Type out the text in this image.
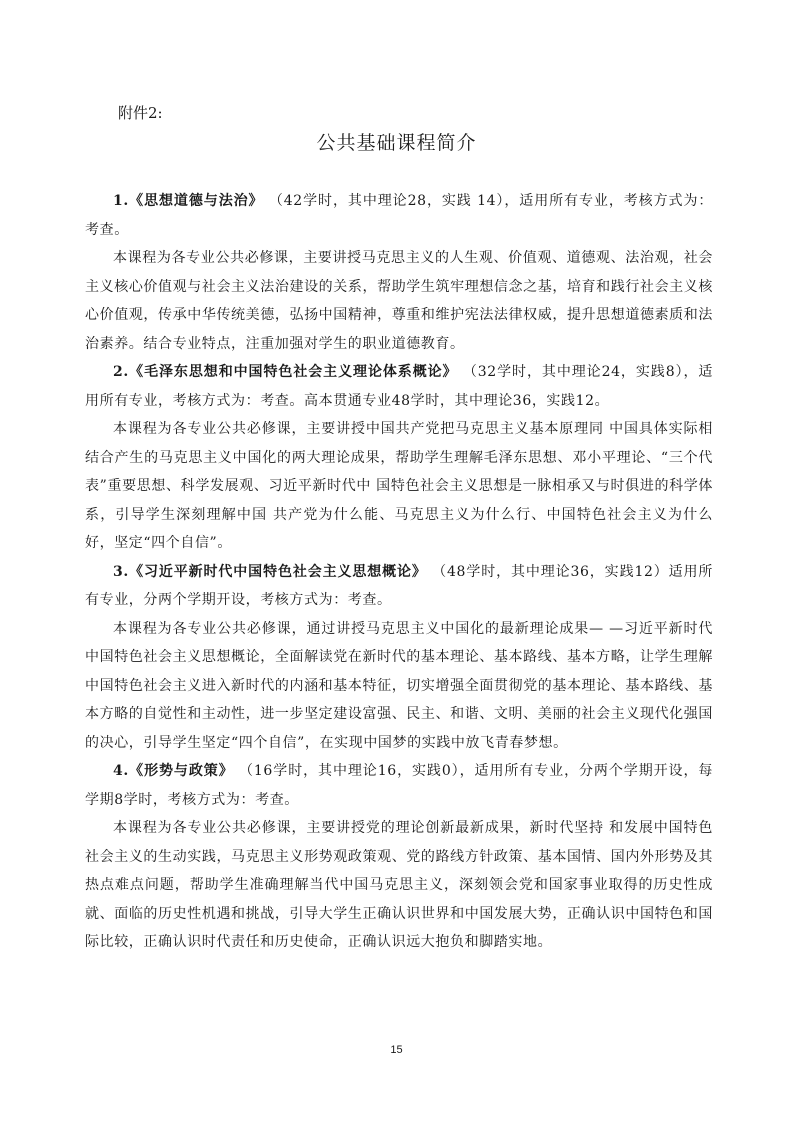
附件2:
公共基础课程简介

1.《思想道德与法治》 （42学时，其中理论28，实践 14），适用所有专业，考核方式为：考查。

本课程为各专业公共必修课，主要讲授马克思主义的人生观、价值观、道德观、法治观，社会主义核心价值观与社会主义法治建设的关系，帮助学生筑牢理想信念之基，培育和践行社会主义核心价值观，传承中华传统美德，弘扬中国精神，尊重和维护宪法法律权威，提升思想道德素质和法治素养。结合专业特点，注重加强对学生的职业道德教育。

2.《毛泽东思想和中国特色社会主义理论体系概论》 （32学时，其中理论24，实践8），适用所有专业，考核方式为：考查。高本贯通专业48学时，其中理论36，实践12。

本课程为各专业公共必修课，主要讲授中国共产党把马克思主义基本原理同 中国具体实际相结合产生的马克思主义中国化的两大理论成果，帮助学生理解毛泽东思想、邓小平理论、“三个代表”重要思想、科学发展观、习近平新时代中 国特色社会主义思想是一脉相承又与时俱进的科学体系，引导学生深刻理解中国 共产党为什么能、马克思主义为什么行、中国特色社会主义为什么好，坚定“四个自信”。

3.《习近平新时代中国特色社会主义思想概论》 （48学时，其中理论36，实践12）适用所有专业，分两个学期开设，考核方式为：考查。

本课程为各专业公共必修课，通过讲授马克思主义中国化的最新理论成果— —习近平新时代中国特色社会主义思想概论，全面解读党在新时代的基本理论、基本路线、基本方略，让学生理解中国特色社会主义进入新时代的内涵和基本特征，切实增强全面贯彻党的基本理论、基本路线、基本方略的自觉性和主动性，进一步坚定建设富强、民主、和谐、文明、美丽的社会主义现代化强国的决心，引导学生坚定“四个自信”，在实现中国梦的实践中放飞青春梦想。

4.《形势与政策》 （16学时，其中理论16，实践0），适用所有专业，分两个学期开设，每学期8学时，考核方式为：考查。

本课程为各专业公共必修课，主要讲授党的理论创新最新成果，新时代坚持 和发展中国特色社会主义的生动实践，马克思主义形势观政策观、党的路线方针政策、基本国情、国内外形势及其热点难点问题，帮助学生准确理解当代中国马克思主义，深刻领会党和国家事业取得的历史性成就、面临的历史性机遇和挑战，引导大学生正确认识世界和中国发展大势，正确认识中国特色和国际比较，正确认识时代责任和历史使命，正确认识远大抱负和脚踏实地。

15
